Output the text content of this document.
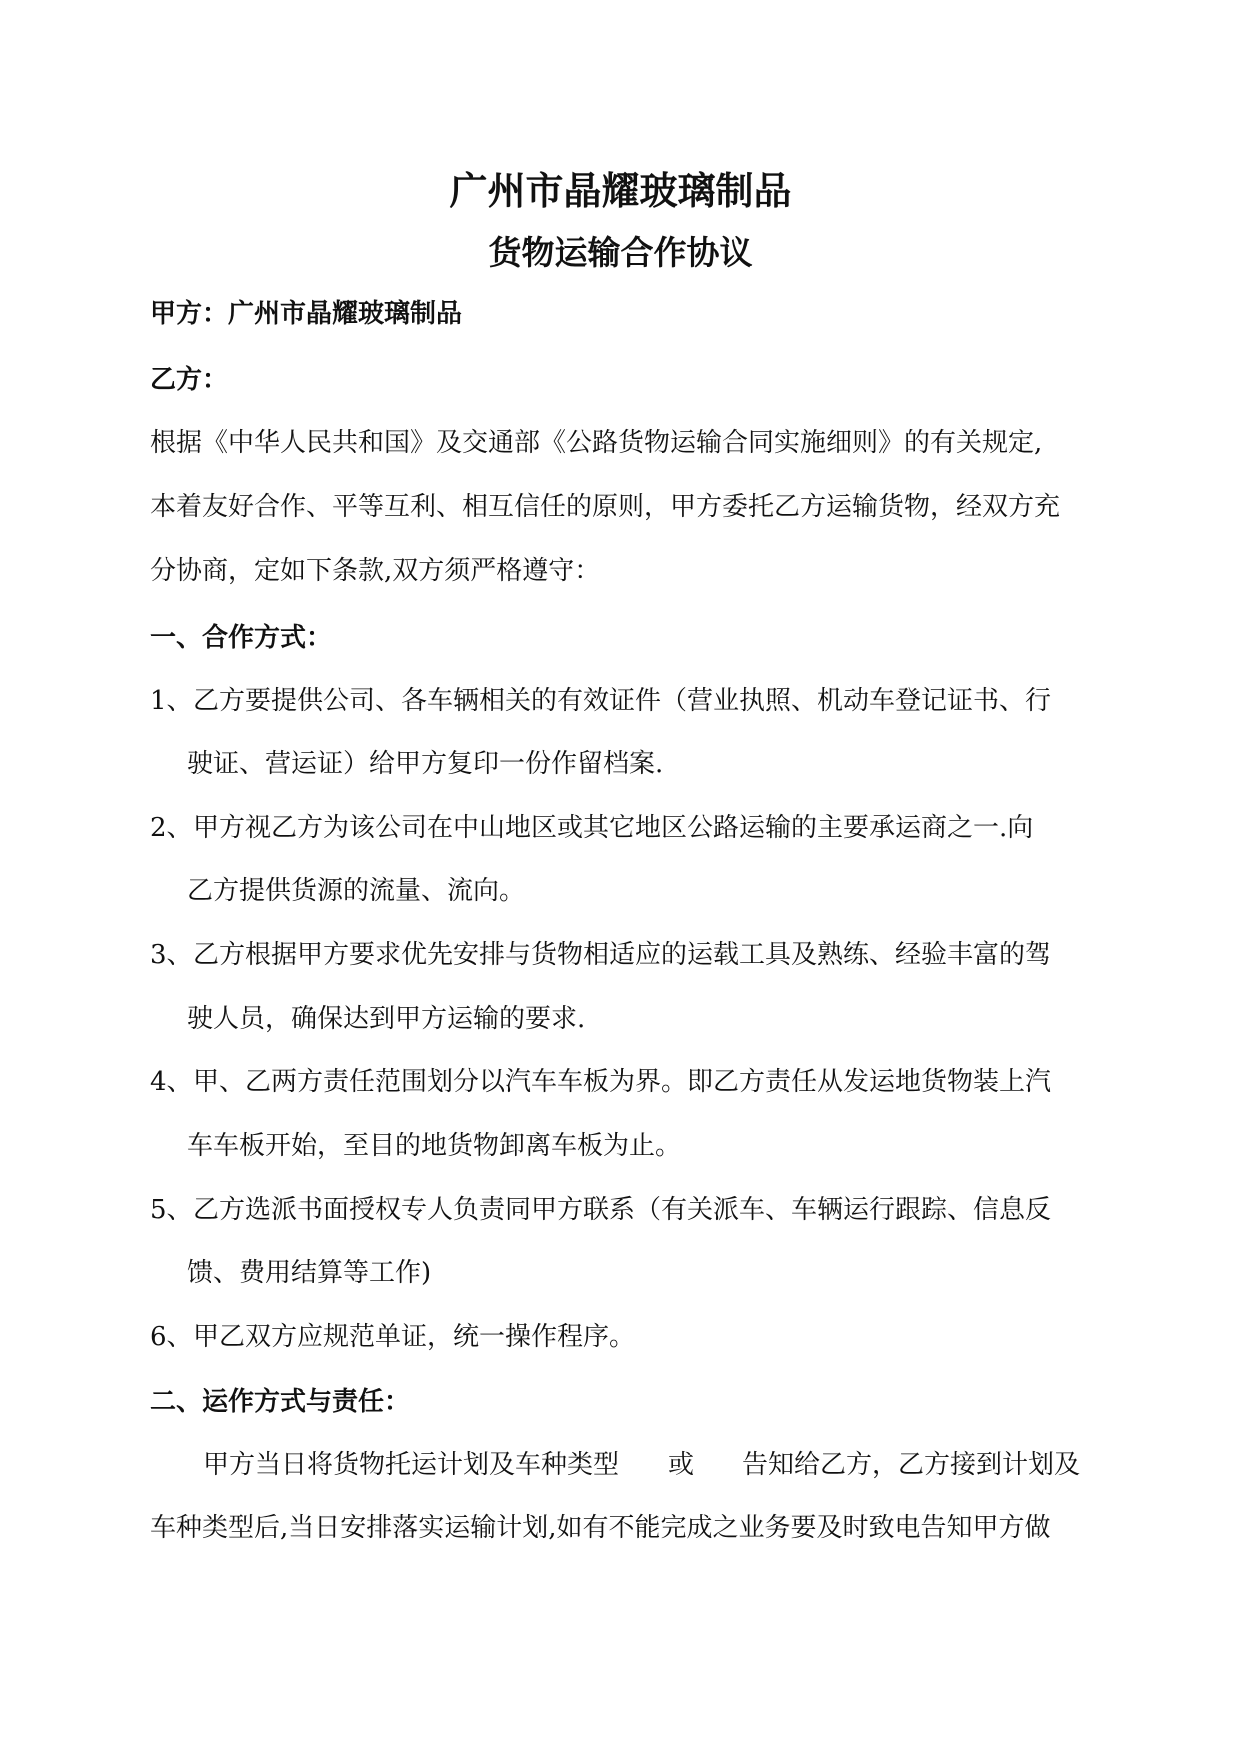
广州市晶耀玻璃制品
货物运输合作协议
甲方：广州市晶耀玻璃制品
乙方：
根据《中华人民共和国》及交通部《公路货物运输合同实施细则》的有关规定,
本着友好合作、平等互利、相互信任的原则，甲方委托乙方运输货物，经双方充
分协商，定如下条款,双方须严格遵守：
一、合作方式：
1、 乙方要提供公司、各车辆相关的有效证件（营业执照、机动车登记证书、行
驶证、营运证）给甲方复印一份作留档案.
2、 甲方视乙方为该公司在中山地区或其它地区公路运输的主要承运商之一.向
乙方提供货源的流量、流向。
3、 乙方根据甲方要求优先安排与货物相适应的运载工具及熟练、经验丰富的驾
驶人员，确保达到甲方运输的要求.
4、 甲、乙两方责任范围划分以汽车车板为界。即乙方责任从发运地货物装上汽
车车板开始，至目的地货物卸离车板为止。
5、 乙方选派书面授权专人负责同甲方联系（有关派车、车辆运行跟踪、信息反
馈、费用结算等工作)
6、 甲乙双方应规范单证，统一操作程序。
二、运作方式与责任：
甲方当日将货物托运计划及车种类型 或 告知给乙方，乙方接到计划及
车种类型后,当日安排落实运输计划,如有不能完成之业务要及时致电告知甲方做
